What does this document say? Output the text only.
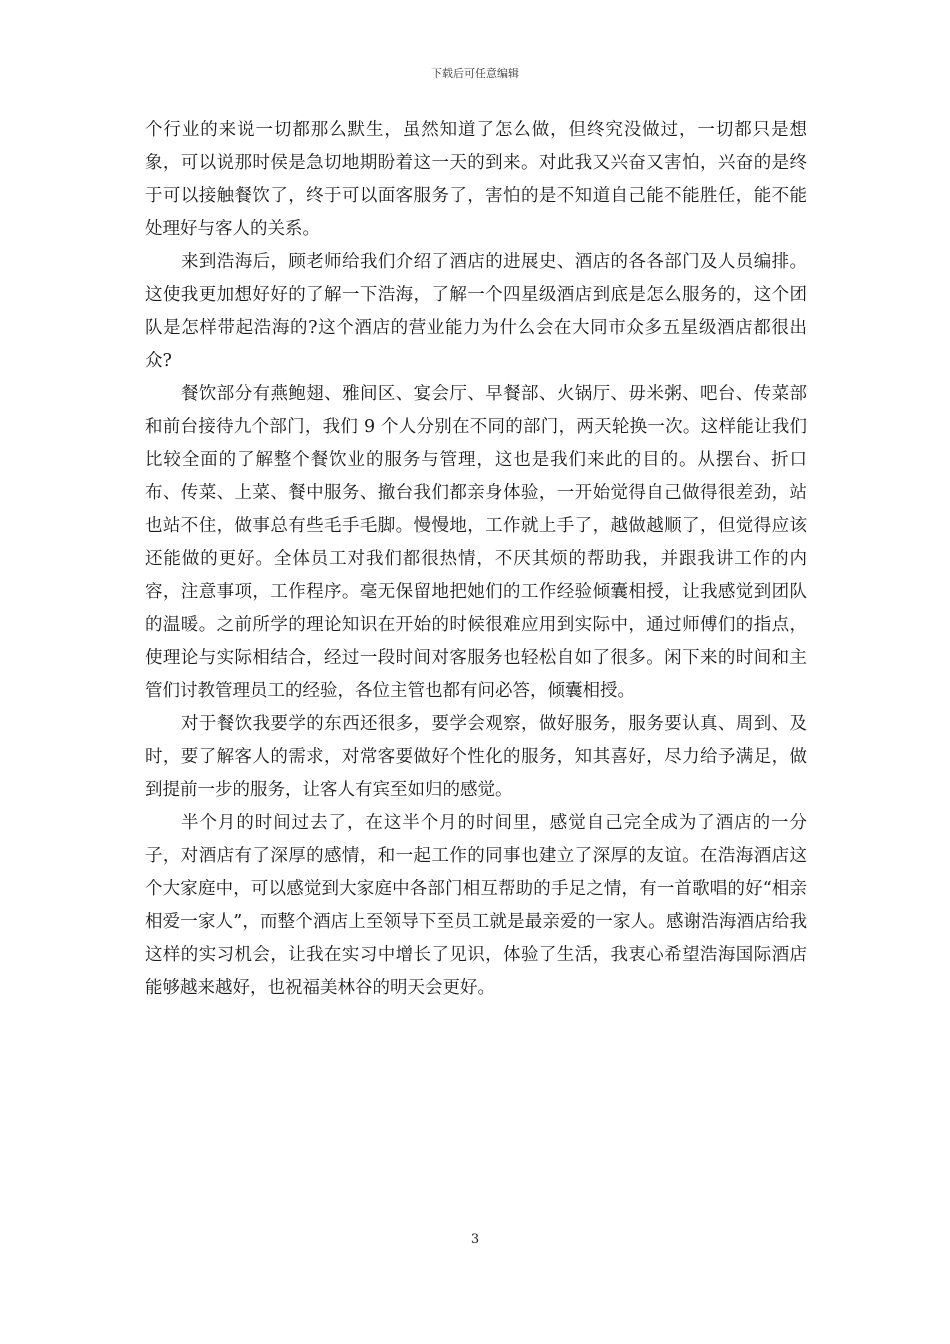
下载后可任意编辑

个行业的来说一切都那么默生，虽然知道了怎么做，但终究没做过，一切都只是想象，可以说那时侯是急切地期盼着这一天的到来。对此我又兴奋又害怕，兴奋的是终于可以接触餐饮了，终于可以面客服务了，害怕的是不知道自己能不能胜任，能不能处理好与客人的关系。

来到浩海后，顾老师给我们介绍了酒店的进展史、酒店的各各部门及人员编排。这使我更加想好好的了解一下浩海，了解一个四星级酒店到底是怎么服务的，这个团队是怎样带起浩海的?这个酒店的营业能力为什么会在大同市众多五星级酒店都很出众?

餐饮部分有燕鲍翅、雅间区、宴会厅、早餐部、火锅厅、毋米粥、吧台、传菜部和前台接待九个部门，我们 9 个人分别在不同的部门，两天轮换一次。这样能让我们比较全面的了解整个餐饮业的服务与管理，这也是我们来此的目的。从摆台、折口布、传菜、上菜、餐中服务、撤台我们都亲身体验，一开始觉得自己做得很差劲，站也站不住，做事总有些毛手毛脚。慢慢地，工作就上手了，越做越顺了，但觉得应该还能做的更好。全体员工对我们都很热情，不厌其烦的帮助我，并跟我讲工作的内容，注意事项，工作程序。毫无保留地把她们的工作经验倾囊相授，让我感觉到团队的温暖。之前所学的理论知识在开始的时候很难应用到实际中，通过师傅们的指点，使理论与实际相结合，经过一段时间对客服务也轻松自如了很多。闲下来的时间和主管们讨教管理员工的经验，各位主管也都有问必答，倾囊相授。

对于餐饮我要学的东西还很多，要学会观察，做好服务，服务要认真、周到、及时，要了解客人的需求，对常客要做好个性化的服务，知其喜好，尽力给予满足，做到提前一步的服务，让客人有宾至如归的感觉。

半个月的时间过去了，在这半个月的时间里，感觉自己完全成为了酒店的一分子，对酒店有了深厚的感情，和一起工作的同事也建立了深厚的友谊。在浩海酒店这个大家庭中，可以感觉到大家庭中各部门相互帮助的手足之情，有一首歌唱的好“相亲相爱一家人”，而整个酒店上至领导下至员工就是最亲爱的一家人。感谢浩海酒店给我这样的实习机会，让我在实习中增长了见识，体验了生活，我衷心希望浩海国际酒店能够越来越好，也祝福美林谷的明天会更好。

3
